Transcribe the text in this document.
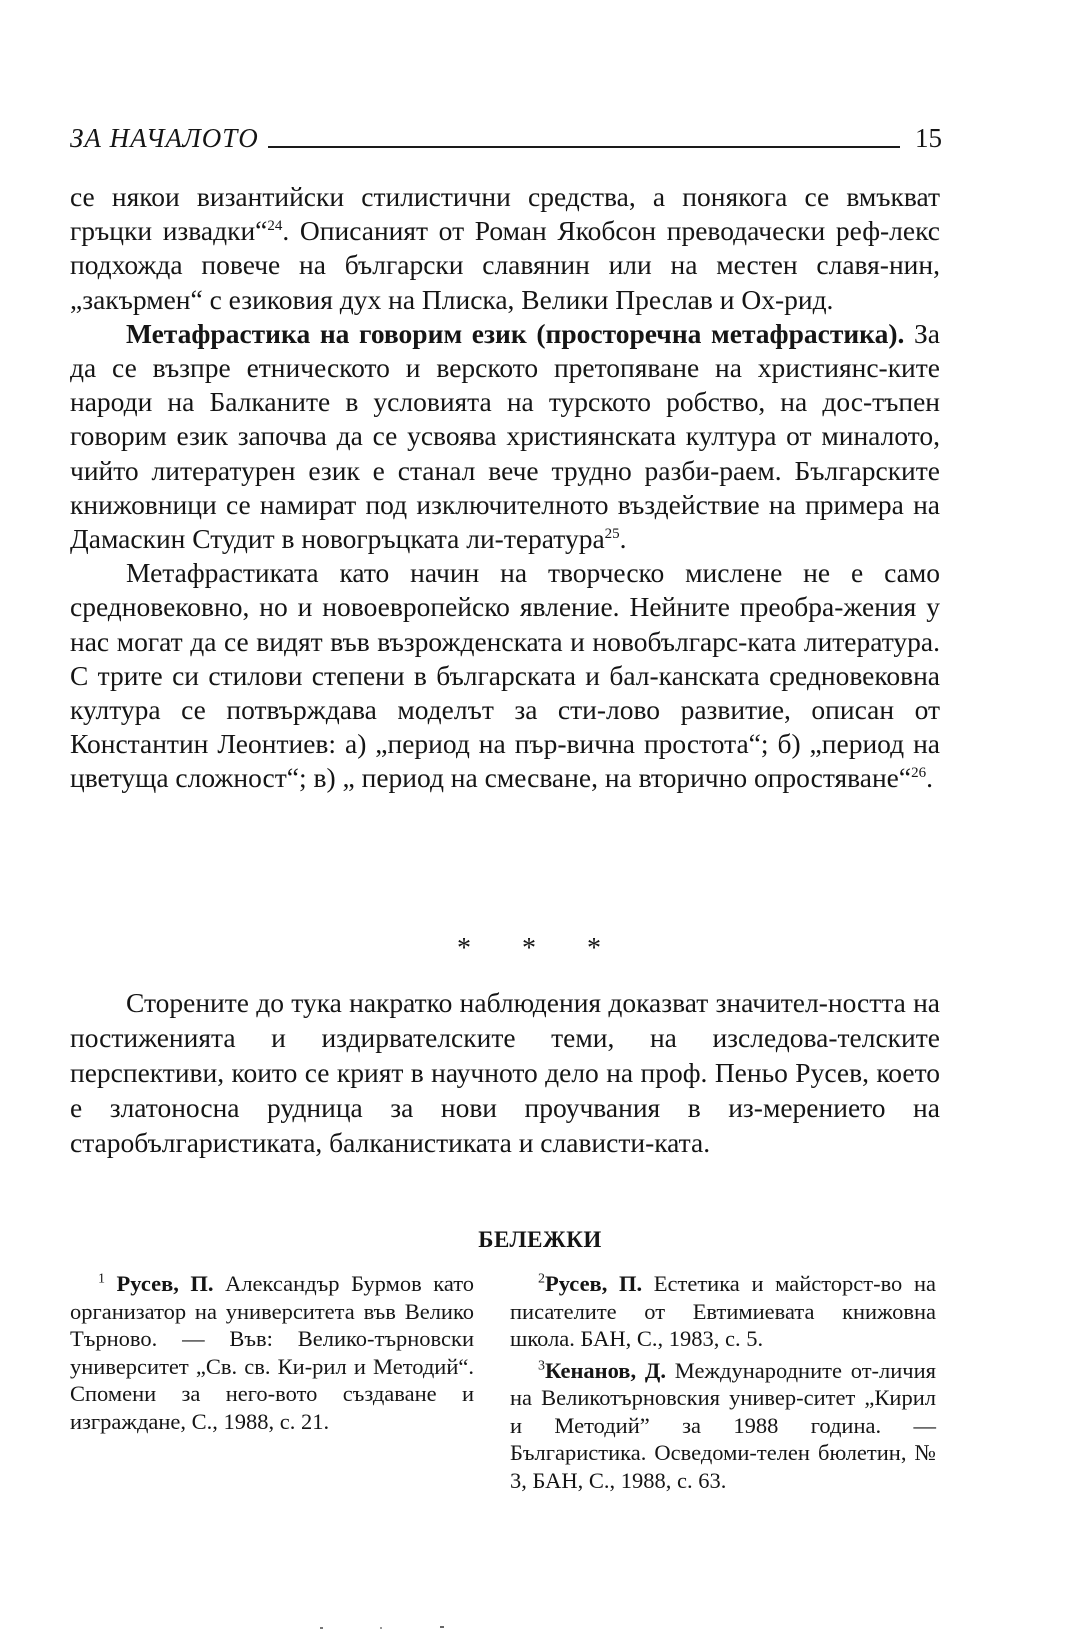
ЗА НАЧАЛОТО	15

се някои византийски стилистични средства, а понякога се вмъкват гръцки извадки“$^{24}$. Описаният от Роман Якобсон преводачески реф-лекс подхожда повече на български славянин или на местен славя-нин, „закърмен“ с езиковия дух на Плиска, Велики Преслав и Ох-рид.

Метафрастика на говорим език (простоpечна метафрастика). За да се възпре етническото и верското претопяване на християнс-ките народи на Балканите в условията на турското робство, на дос-тъпен говорим език започва да се усвоява християнската култура от миналото, чийто литературен език е станал вече трудно разби-раем. Българските книжовници се намират под изключителното въздействие на примера на Дамаскин Студит в новогръцката ли-тература$^{25}$.

Метафрастиката като начин на творческо мислене не е само средновековно, но и новоевропейско явление. Нейните преобра-жения у нас могат да се видят във възрожденската и новобългарс-ката литература. С трите си стилови степени в българската и бал-канската средновековна култура се потвърждава моделът за сти-лово развитие, описан от Константин Леонтиев: а) „период на пър-вична простота“; б) „период на цветуща сложност“; в) „ период на смесване, на вторично опростяване“$^{26}$.

* * *

Сторените до тука накратко наблюдения доказват значител-ността на постиженията и издирвателските теми, на изследова-телските перспективи, които се крият в научното дело на проф. Пеньо Русев, което е златоносна рудница за нови проучвания в из-мерението на старобългаристиката, балканистиката и слависти-ката.

БЕЛЕЖКИ

$^1$ Русев, П. Александър Бурмов като организатор на университета във Велико Търново. — Във: Велико-търновски университет „Св. св. Ки-рил и Методий“. Спомени за него-вото създаване и изграждане, С., 1988, с. 21.

$^2$Русев, П. Естетика и майсторст-во на писателите от Евтимиевата книжовна школа. БАН, С., 1983, с. 5.

$^3$Кенанов, Д. Международните от-личия на Великотърновския универ-ситет „Кирил и Методий” за 1988 година. — Българистика. Осведоми-телен бюлетин, № 3, БАН, С., 1988, с. 63.
